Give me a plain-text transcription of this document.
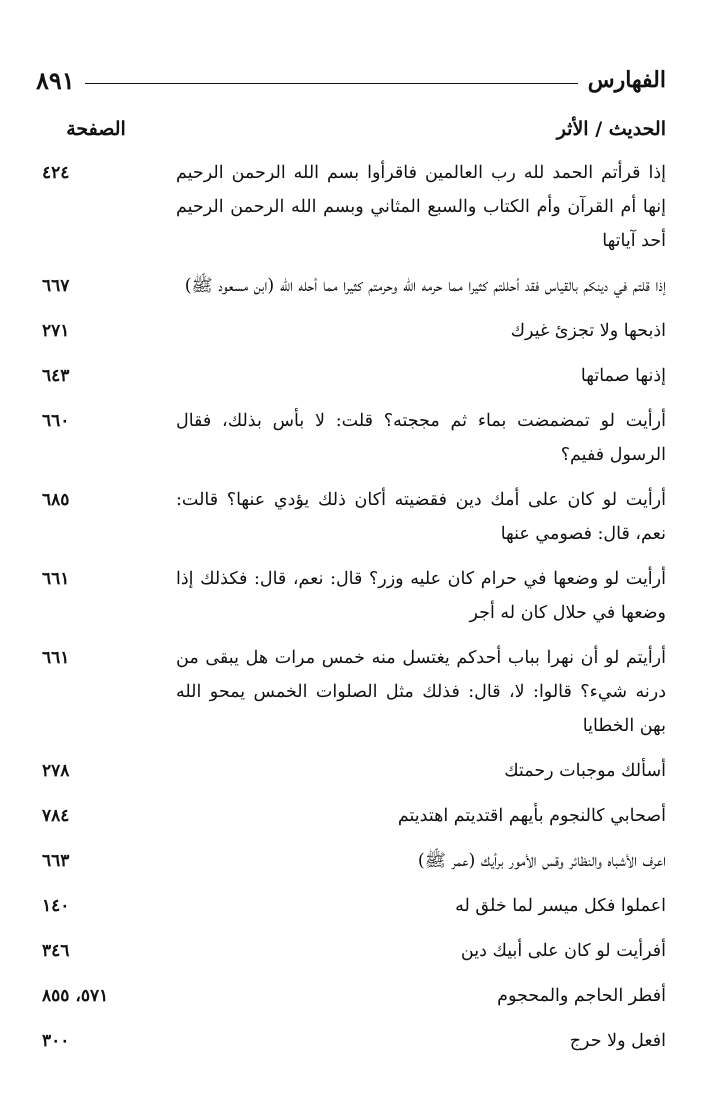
الفهارس
٨٩١
الحديث / الأثر
الصفحة
إذا قرأتم الحمد لله رب العالمين فاقرأوا بسم الله الرحمن الرحيم إنها أم القرآن وأم الكتاب والسبع المثاني وبسم الله الرحمن الرحيم أحد آياتها
٤٢٤
إذا قلتم في دينكم بالقياس فقد أحللتم كثيرا مما حرمه الله وحرمتم كثيرا مما أحله الله (ابن مسعود ﷺ)
٦٦٧
اذبحها ولا تجزئ غيرك
٢٧١
إذنها صماتها
٦٤٣
أرأيت لو تمضمضت بماء ثم مججته؟ قلت: لا بأس بذلك، فقال الرسول ففيم؟
٦٦٠
أرأيت لو كان على أمك دين فقضيته أكان ذلك يؤدي عنها؟ قالت: نعم، قال: فصومي عنها
٦٨٥
أرأيت لو وضعها في حرام كان عليه وزر؟ قال: نعم، قال: فكذلك إذا وضعها في حلال كان له أجر
٦٦١
أرأيتم لو أن نهرا بباب أحدكم يغتسل منه خمس مرات هل يبقى من درنه شيء؟ قالوا: لا، قال: فذلك مثل الصلوات الخمس يمحو الله بهن الخطايا
٦٦١
أسألك موجبات رحمتك
٢٧٨
أصحابي كالنجوم بأيهم اقتديتم اهتديتم
٧٨٤
اعرف الأشباه والنظائر وقس الأمور برأيك (عمر ﷺ)
٦٦٣
اعملوا فكل ميسر لما خلق له
١٤٠
أفرأيت لو كان على أبيك دين
٣٤٦
أفطر الحاجم والمحجوم
٥٧١، ٨٥٥
افعل ولا حرج
٣٠٠
